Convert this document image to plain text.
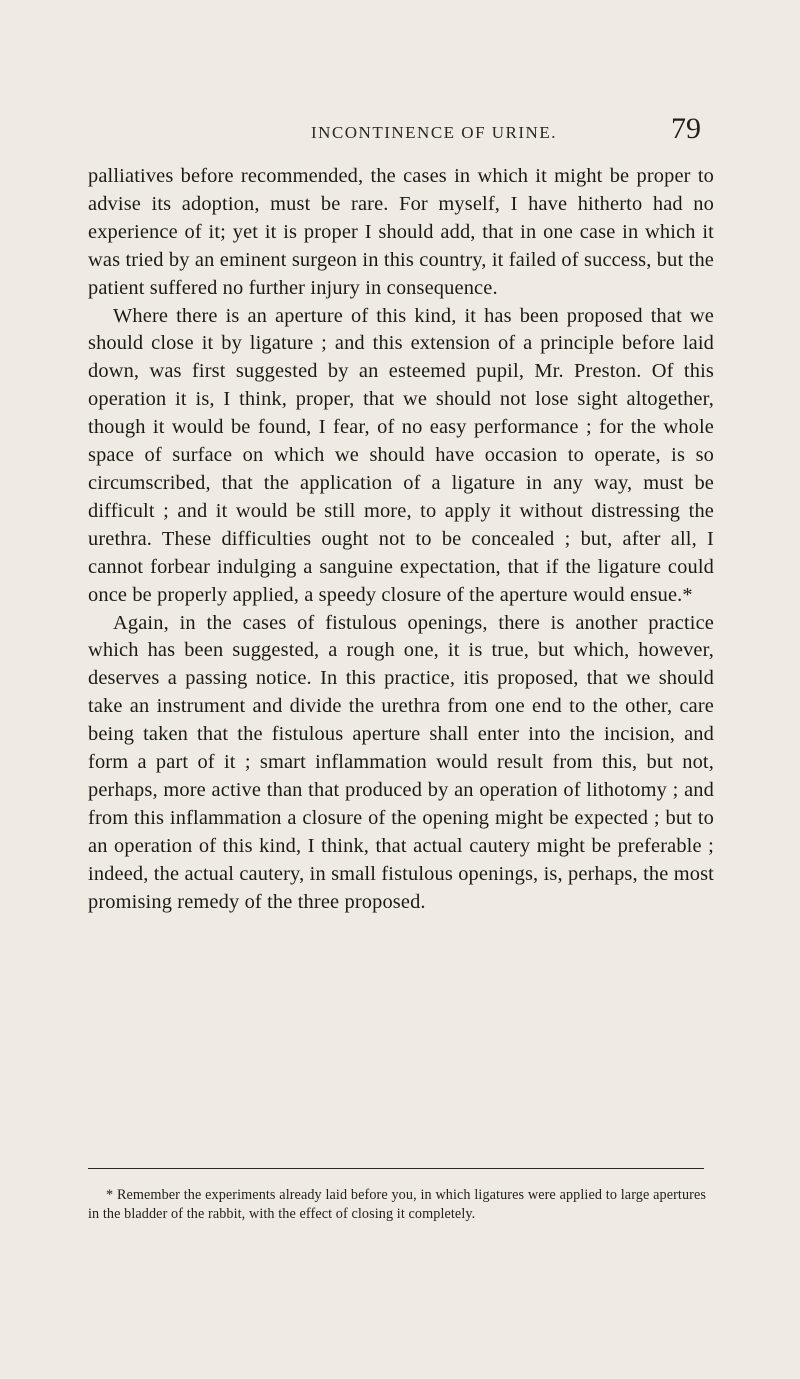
INCONTINENCE OF URINE.	79

palliatives before recommended, the cases in which it might be proper to advise its adoption, must be rare. For myself, I have hitherto had no experience of it; yet it is proper I should add, that in one case in which it was tried by an eminent surgeon in this country, it failed of success, but the patient suffered no further injury in consequence.

Where there is an aperture of this kind, it has been proposed that we should close it by ligature ; and this extension of a principle before laid down, was first suggested by an esteemed pupil, Mr. Preston. Of this operation it is, I think, proper, that we should not lose sight altogether, though it would be found, I fear, of no easy performance ; for the whole space of surface on which we should have occasion to operate, is so circumscribed, that the application of a ligature in any way, must be difficult ; and it would be still more, to apply it without distressing the urethra. These difficulties ought not to be concealed ; but, after all, I cannot forbear indulging a sanguine expectation, that if the ligature could once be properly applied, a speedy closure of the aperture would ensue.*

Again, in the cases of fistulous openings, there is another practice which has been suggested, a rough one, it is true, but which, however, deserves a passing notice. In this practice, itis proposed, that we should take an instrument and divide the urethra from one end to the other, care being taken that the fistulous aperture shall enter into the incision, and form a part of it ; smart inflammation would result from this, but not, perhaps, more active than that produced by an operation of lithotomy ; and from this inflammation a closure of the opening might be expected ; but to an operation of this kind, I think, that actual cautery might be preferable ; indeed, the actual cautery, in small fistulous openings, is, perhaps, the most promising remedy of the three proposed.

* Remember the experiments already laid before you, in which ligatures were applied to large apertures in the bladder of the rabbit, with the effect of closing it completely.
